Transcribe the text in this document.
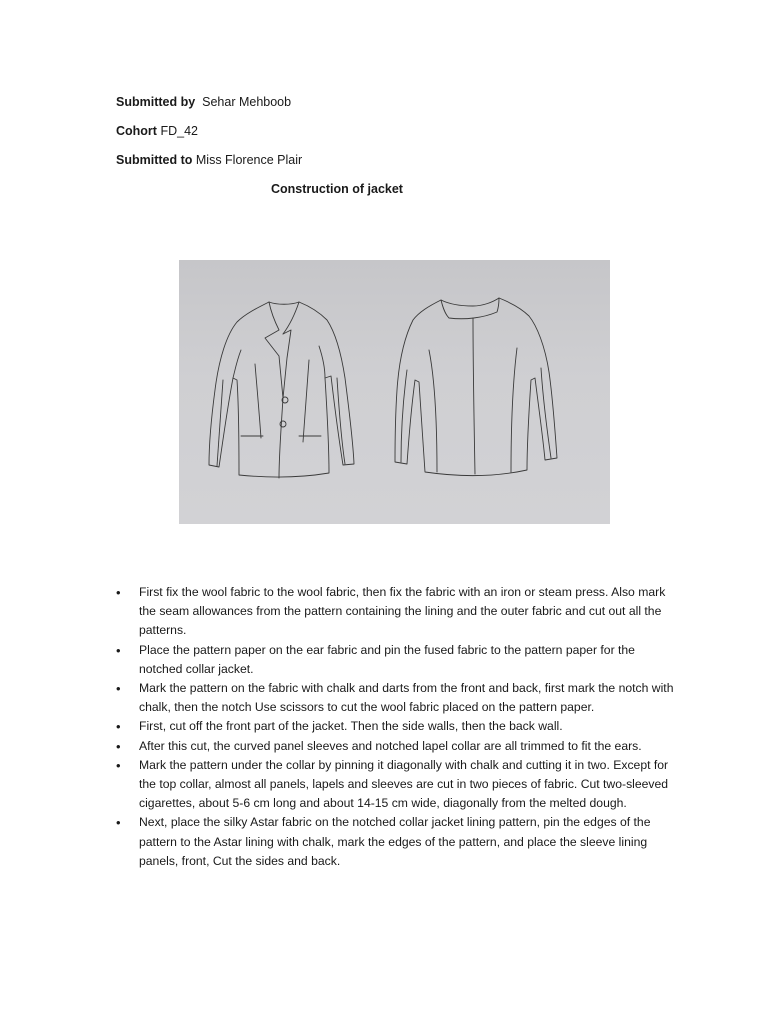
Submitted by Sehar Mehboob
Cohort FD_42
Submitted to Miss Florence Plair
Construction of jacket
• First fix the wool fabric to the wool fabric, then fix the fabric with an iron or steam press. Also mark the seam allowances from the pattern containing the lining and the outer fabric and cut out all the patterns.
• Place the pattern paper on the ear fabric and pin the fused fabric to the pattern paper for the notched collar jacket.
• Mark the pattern on the fabric with chalk and darts from the front and back, first mark the notch with chalk, then the notch Use scissors to cut the wool fabric placed on the pattern paper.
• First, cut off the front part of the jacket. Then the side walls, then the back wall.
• After this cut, the curved panel sleeves and notched lapel collar are all trimmed to fit the ears.
• Mark the pattern under the collar by pinning it diagonally with chalk and cutting it in two. Except for the top collar, almost all panels, lapels and sleeves are cut in two pieces of fabric. Cut two-sleeved cigarettes, about 5-6 cm long and about 14-15 cm wide, diagonally from the melted dough.
• Next, place the silky Astar fabric on the notched collar jacket lining pattern, pin the edges of the pattern to the Astar lining with chalk, mark the edges of the pattern, and place the sleeve lining panels, front, Cut the sides and back.
